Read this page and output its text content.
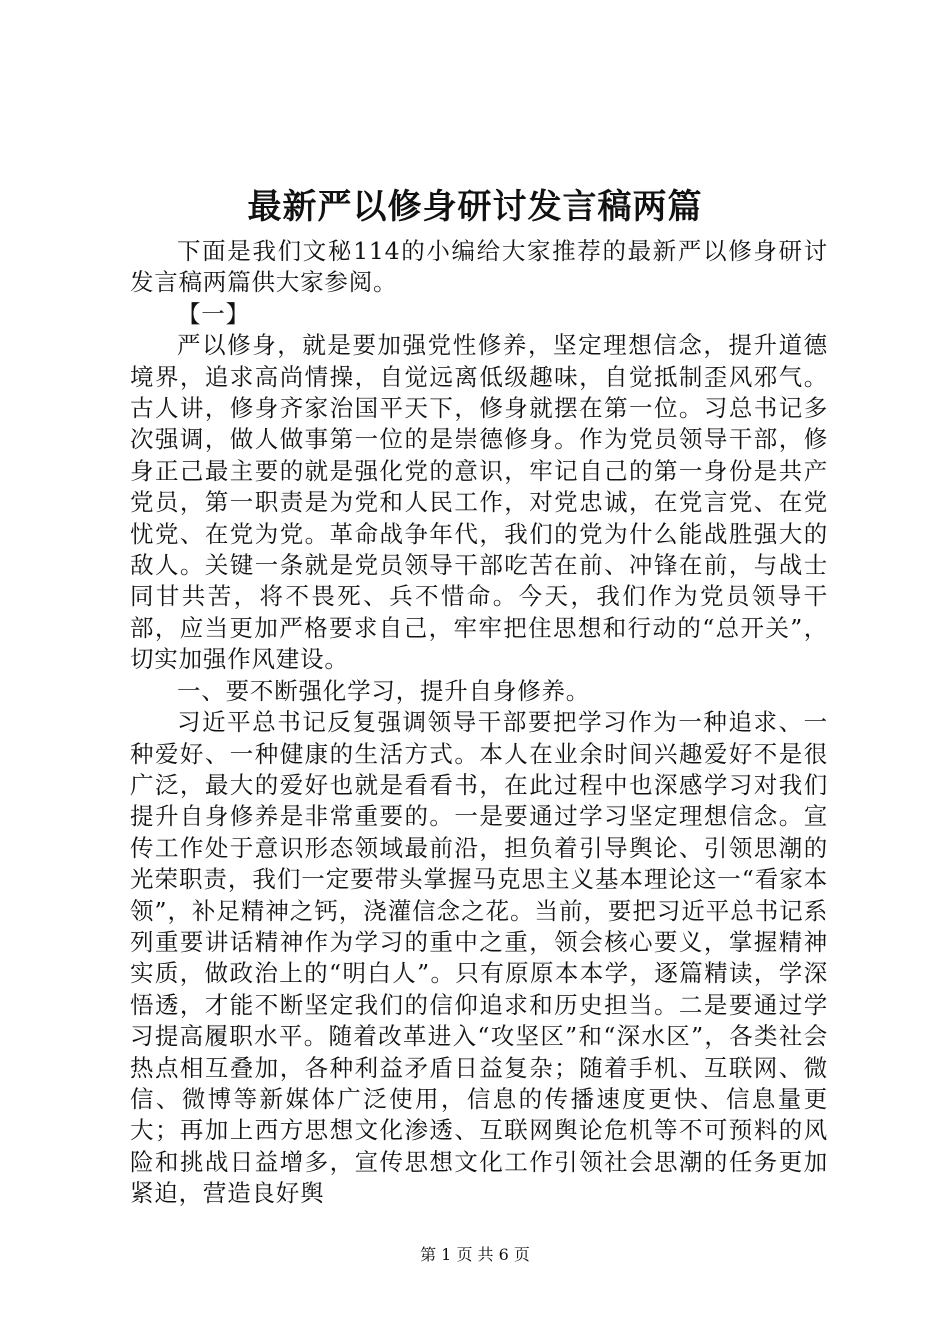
最新严以修身研讨发言稿两篇

下面是我们文秘114的小编给大家推荐的最新严以修身研讨发言稿两篇供大家参阅。

【一】

严以修身，就是要加强党性修养，坚定理想信念，提升道德境界，追求高尚情操，自觉远离低级趣味，自觉抵制歪风邪气。古人讲，修身齐家治国平天下，修身就摆在第一位。习总书记多次强调，做人做事第一位的是崇德修身。作为党员领导干部，修身正己最主要的就是强化党的意识，牢记自己的第一身份是共产党员，第一职责是为党和人民工作，对党忠诚，在党言党、在党忧党、在党为党。革命战争年代，我们的党为什么能战胜强大的敌人。关键一条就是党员领导干部吃苦在前、冲锋在前，与战士同甘共苦，将不畏死、兵不惜命。今天，我们作为党员领导干部，应当更加严格要求自己，牢牢把住思想和行动的“总开关”，切实加强作风建设。

一、要不断强化学习，提升自身修养。

习近平总书记反复强调领导干部要把学习作为一种追求、一种爱好、一种健康的生活方式。本人在业余时间兴趣爱好不是很广泛，最大的爱好也就是看看书，在此过程中也深感学习对我们提升自身修养是非常重要的。一是要通过学习坚定理想信念。宣传工作处于意识形态领域最前沿，担负着引导舆论、引领思潮的光荣职责，我们一定要带头掌握马克思主义基本理论这一“看家本领”，补足精神之钙，浇灌信念之花。当前，要把习近平总书记系列重要讲话精神作为学习的重中之重，领会核心要义，掌握精神实质，做政治上的“明白人”。只有原原本本学，逐篇精读，学深悟透，才能不断坚定我们的信仰追求和历史担当。二是要通过学习提高履职水平。随着改革进入“攻坚区”和“深水区”，各类社会热点相互叠加，各种利益矛盾日益复杂；随着手机、互联网、微信、微博等新媒体广泛使用，信息的传播速度更快、信息量更大；再加上西方思想文化渗透、互联网舆论危机等不可预料的风险和挑战日益增多，宣传思想文化工作引领社会思潮的任务更加紧迫，营造良好舆

第 1 页 共 6 页
